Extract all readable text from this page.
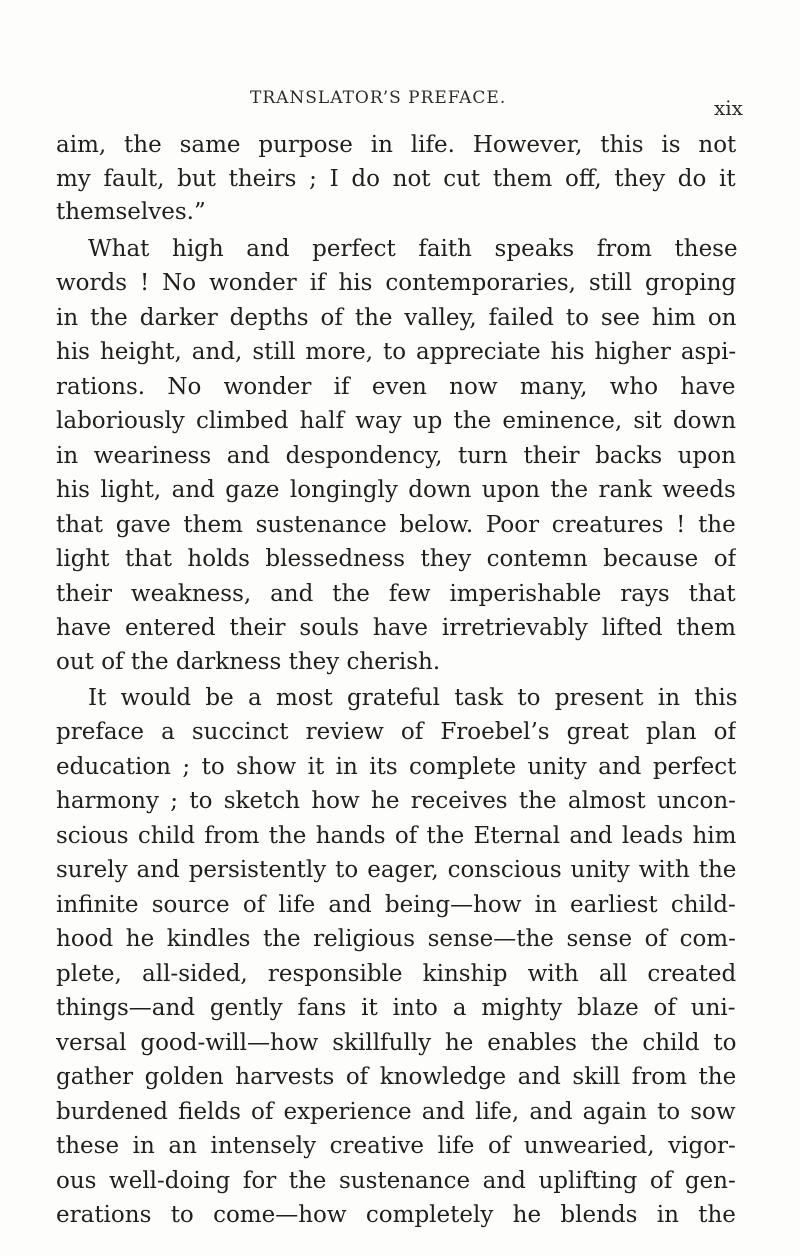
TRANSLATOR’S PREFACE.	xix
aim, the same purpose in life. However, this is not
my fault, but theirs ; I do not cut them off, they do it
themselves.”
What high and perfect faith speaks from these
words ! No wonder if his contemporaries, still groping
in the darker depths of the valley, failed to see him on
his height, and, still more, to appreciate his higher aspi-
rations. No wonder if even now many, who have
laboriously climbed half way up the eminence, sit down
in weariness and despondency, turn their backs upon
his light, and gaze longingly down upon the rank weeds
that gave them sustenance below. Poor creatures ! the
light that holds blessedness they contemn because of
their weakness, and the few imperishable rays that
have entered their souls have irretrievably lifted them
out of the darkness they cherish.
It would be a most grateful task to present in this
preface a succinct review of Froebel’s great plan of
education ; to show it in its complete unity and perfect
harmony ; to sketch how he receives the almost uncon-
scious child from the hands of the Eternal and leads him
surely and persistently to eager, conscious unity with the
infinite source of life and being—how in earliest child-
hood he kindles the religious sense—the sense of com-
plete, all-sided, responsible kinship with all created
things—and gently fans it into a mighty blaze of uni-
versal good-will—how skillfully he enables the child to
gather golden harvests of knowledge and skill from the
burdened fields of experience and life, and again to sow
these in an intensely creative life of unwearied, vigor-
ous well-doing for the sustenance and uplifting of gen-
erations to come—how completely he blends in the
